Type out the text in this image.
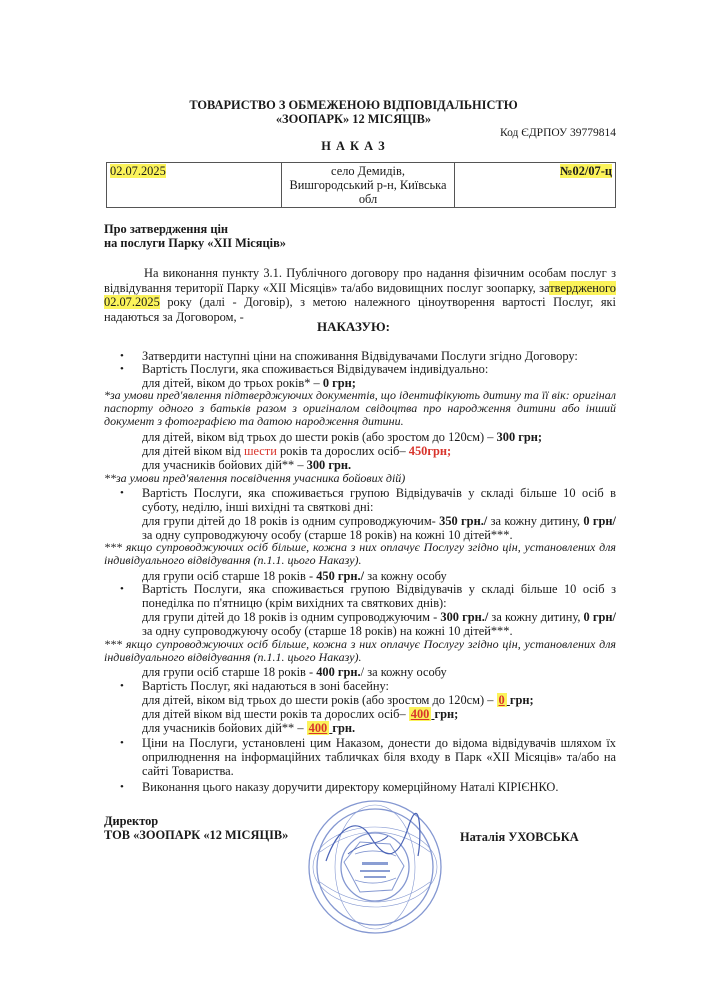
ТОВАРИСТВО З ОБМЕЖЕНОЮ ВІДПОВІДАЛЬНІСТЮ
«ЗООПАРК» 12 МІСЯЦІВ»
Код ЄДРПОУ 39779814
Н А К А З
02.07.2025	село Демидів,
Вишгородський р-н, Київська
обл
	№02/07-ц
Про затвердження цін
на послуги Парку «ХІІ Місяців»
На виконання пункту 3.1. Публічного договору про надання фізичним особам послуг з відвідування території Парку «ХІІ Місяців» та/або видовищних послуг зоопарку, затвердженого 02.07.2025 року (далі - Договір), з метою належного ціноутворення вартості Послуг, які надаються за Договором, -
НАКАЗУЮ:
• Затвердити наступні ціни на споживання Відвідувачами Послуги згідно Договору:
• Вартість Послуги, яка споживається Відвідувачем індивідуально:
для дітей, віком до трьох років* – 0 грн;
*за умови пред'явлення підтверджуючих документів, що ідентифікують дитину та її вік: оригінал паспорту одного з батьків разом з оригіналом свідоцтва про народження дитини або інший документ з фотографією та датою народження дитини.
для дітей, віком від трьох до шести років (або зростом до 120см) – 300 грн;
для дітей віком від шести років та дорослих осіб– 450грн;
для учасників бойових дій** – 300 грн.
**за умови пред'явлення посвідчення учасника бойових дій)
• Вартість Послуги, яка споживається групою Відвідувачів у складі більше 10 осіб в суботу, неділю, інші вихідні та святкові дні:
для групи дітей до 18 років із одним супроводжуючим- 350 грн./ за кожну дитину, 0 грн/ за одну супроводжуючу особу (старше 18 років) на кожні 10 дітей***.
*** якщо супроводжуючих осіб більше, кожна з них оплачує Послугу згідно цін, установлених для індивідуального відвідування (п.1.1. цього Наказу).
для групи осіб старше 18 років - 450 грн./ за кожну особу
• Вартість Послуги, яка споживається групою Відвідувачів у складі більше 10 осіб з понеділка по п'ятницю (крім вихідних та святкових днів):
для групи дітей до 18 років із одним супроводжуючим - 300 грн./ за кожну дитину, 0 грн/ за одну супроводжуючу особу (старше 18 років) на кожні 10 дітей***.
*** якщо супроводжуючих осіб більше, кожна з них оплачує Послугу згідно цін, установлених для індивідуального відвідування (п.1.1. цього Наказу).
для групи осіб старше 18 років - 400 грн./ за кожну особу
• Вартість Послуг, які надаються в зоні басейну:
для дітей, віком від трьох до шести років (або зростом до 120см) – 0 грн;
для дітей віком від шести років та дорослих осіб– 400 грн;
для учасників бойових дій** – 400 грн.
• Ціни на Послуги, установлені цим Наказом, донести до відома відвідувачів шляхом їх оприлюднення на інформаційних табличках біля входу в Парк «ХІІ Місяців» та/або на сайті Товариства.
• Виконання цього наказу доручити директору комерційному Наталі КІРІЄНКО.
Директор
ТОВ «ЗООПАРК «12 МІСЯЦІВ»	Наталія УХОВСЬКА
